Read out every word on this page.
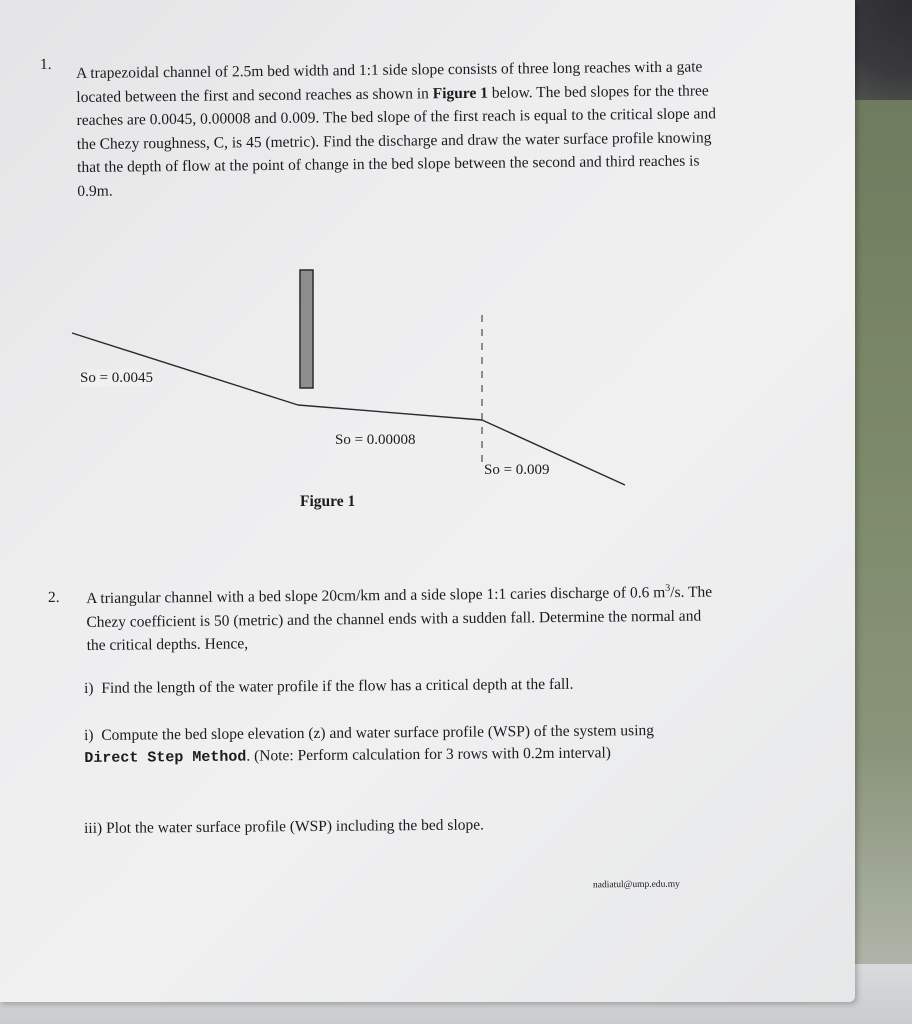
1. A trapezoidal channel of 2.5m bed width and 1:1 side slope consists of three long reaches with a gate located between the first and second reaches as shown in Figure 1 below. The bed slopes for the three reaches are 0.0045, 0.00008 and 0.009. The bed slope of the first reach is equal to the critical slope and the Chezy roughness, C, is 45 (metric). Find the discharge and draw the water surface profile knowing that the depth of flow at the point of change in the bed slope between the second and third reaches is 0.9m.
So = 0.0045
So = 0.00008
So = 0.009
Figure 1
2. A triangular channel with a bed slope 20cm/km and a side slope 1:1 caries discharge of 0.6 $m^3/s$. The Chezy coefficient is 50 (metric) and the channel ends with a sudden fall. Determine the normal and the critical depths. Hence,
i) Find the length of the water profile if the flow has a critical depth at the fall.
i) Compute the bed slope elevation (z) and water surface profile (WSP) of the system using Direct Step Method. (Note: Perform calculation for 3 rows with 0.2m interval)
iii) Plot the water surface profile (WSP) including the bed slope.
nadiatul@ump.edu.my
